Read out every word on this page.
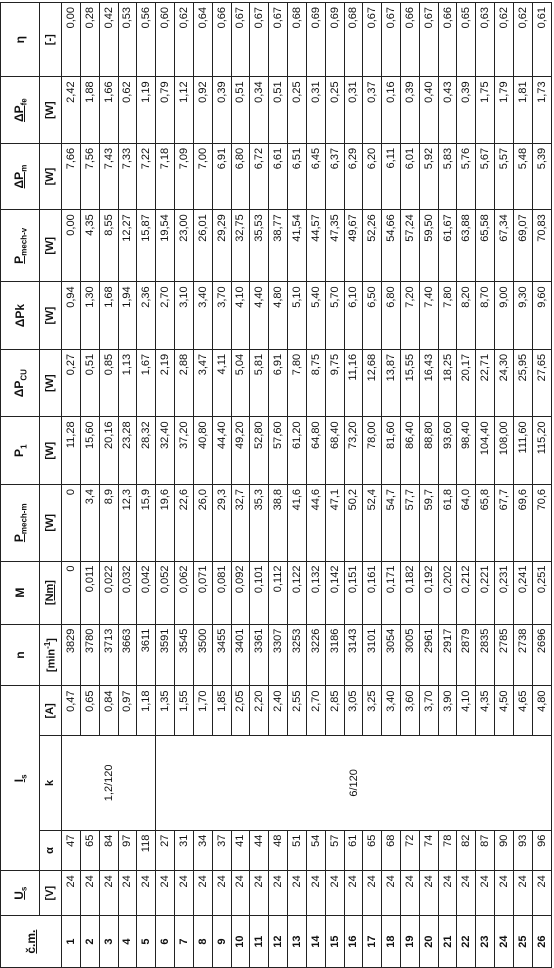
č.m.	$U_s$	$I_s$			n	M	$P_{mech-m}$	$P_1$	$\Delta P_{CU}$	ΔPk	$P_{mech-v}$	$\Delta P_m$	$\Delta P_{fe}$	η
	[V]	α	k	[A]	$[\min^{-1}]$	[Nm]	[W]	[W]	[W]	[W]	[W]	[W]	[W]	[-]
1	24	47	1,2/120	0,47	3829	0	0	11,28	0,27	0,94	0,00	7,66	2,42	0,00
2	24	65		0,65	3780	0,011	3,4	15,60	0,51	1,30	4,35	7,56	1,88	0,28
3	24	84		0,84	3713	0,022	8,9	20,16	0,85	1,68	8,55	7,43	1,66	0,42
4	24	97		0,97	3663	0,032	12,3	23,28	1,13	1,94	12,27	7,33	0,62	0,53
5	24	118		1,18	3611	0,042	15,9	28,32	1,67	2,36	15,87	7,22	1,19	0,56
6	24	27	6/120	1,35	3591	0,052	19,6	32,40	2,19	2,70	19,54	7,18	0,79	0,60
7	24	31		1,55	3545	0,062	22,6	37,20	2,88	3,10	23,00	7,09	1,12	0,62
8	24	34		1,70	3500	0,071	26,0	40,80	3,47	3,40	26,01	7,00	0,92	0,64
9	24	37		1,85	3455	0,081	29,3	44,40	4,11	3,70	29,29	6,91	0,39	0,66
10	24	41		2,05	3401	0,092	32,7	49,20	5,04	4,10	32,75	6,80	0,51	0,67
11	24	44		2,20	3361	0,101	35,3	52,80	5,81	4,40	35,53	6,72	0,34	0,67
12	24	48		2,40	3307	0,112	38,8	57,60	6,91	4,80	38,77	6,61	0,51	0,67
13	24	51		2,55	3253	0,122	41,6	61,20	7,80	5,10	41,54	6,51	0,25	0,68
14	24	54		2,70	3226	0,132	44,6	64,80	8,75	5,40	44,57	6,45	0,31	0,69
15	24	57		2,85	3186	0,142	47,1	68,40	9,75	5,70	47,35	6,37	0,25	0,69
16	24	61		3,05	3143	0,151	50,2	73,20	11,16	6,10	49,67	6,29	0,31	0,68
17	24	65		3,25	3101	0,161	52,4	78,00	12,68	6,50	52,26	6,20	0,37	0,67
18	24	68		3,40	3054	0,171	54,7	81,60	13,87	6,80	54,66	6,11	0,16	0,67
19	24	72		3,60	3005	0,182	57,7	86,40	15,55	7,20	57,24	6,01	0,39	0,66
20	24	74		3,70	2961	0,192	59,7	88,80	16,43	7,40	59,50	5,92	0,40	0,67
21	24	78		3,90	2917	0,202	61,8	93,60	18,25	7,80	61,67	5,83	0,43	0,66
22	24	82		4,10	2879	0,212	64,0	98,40	20,17	8,20	63,88	5,76	0,39	0,65
23	24	87		4,35	2835	0,221	65,8	104,40	22,71	8,70	65,58	5,67	1,75	0,63
24	24	90		4,50	2785	0,231	67,7	108,00	24,30	9,00	67,34	5,57	1,79	0,62
25	24	93		4,65	2738	0,241	69,6	111,60	25,95	9,30	69,07	5,48	1,81	0,62
26	24	96		4,80	2696	0,251	70,6	115,20	27,65	9,60	70,83	5,39	1,73	0,61
